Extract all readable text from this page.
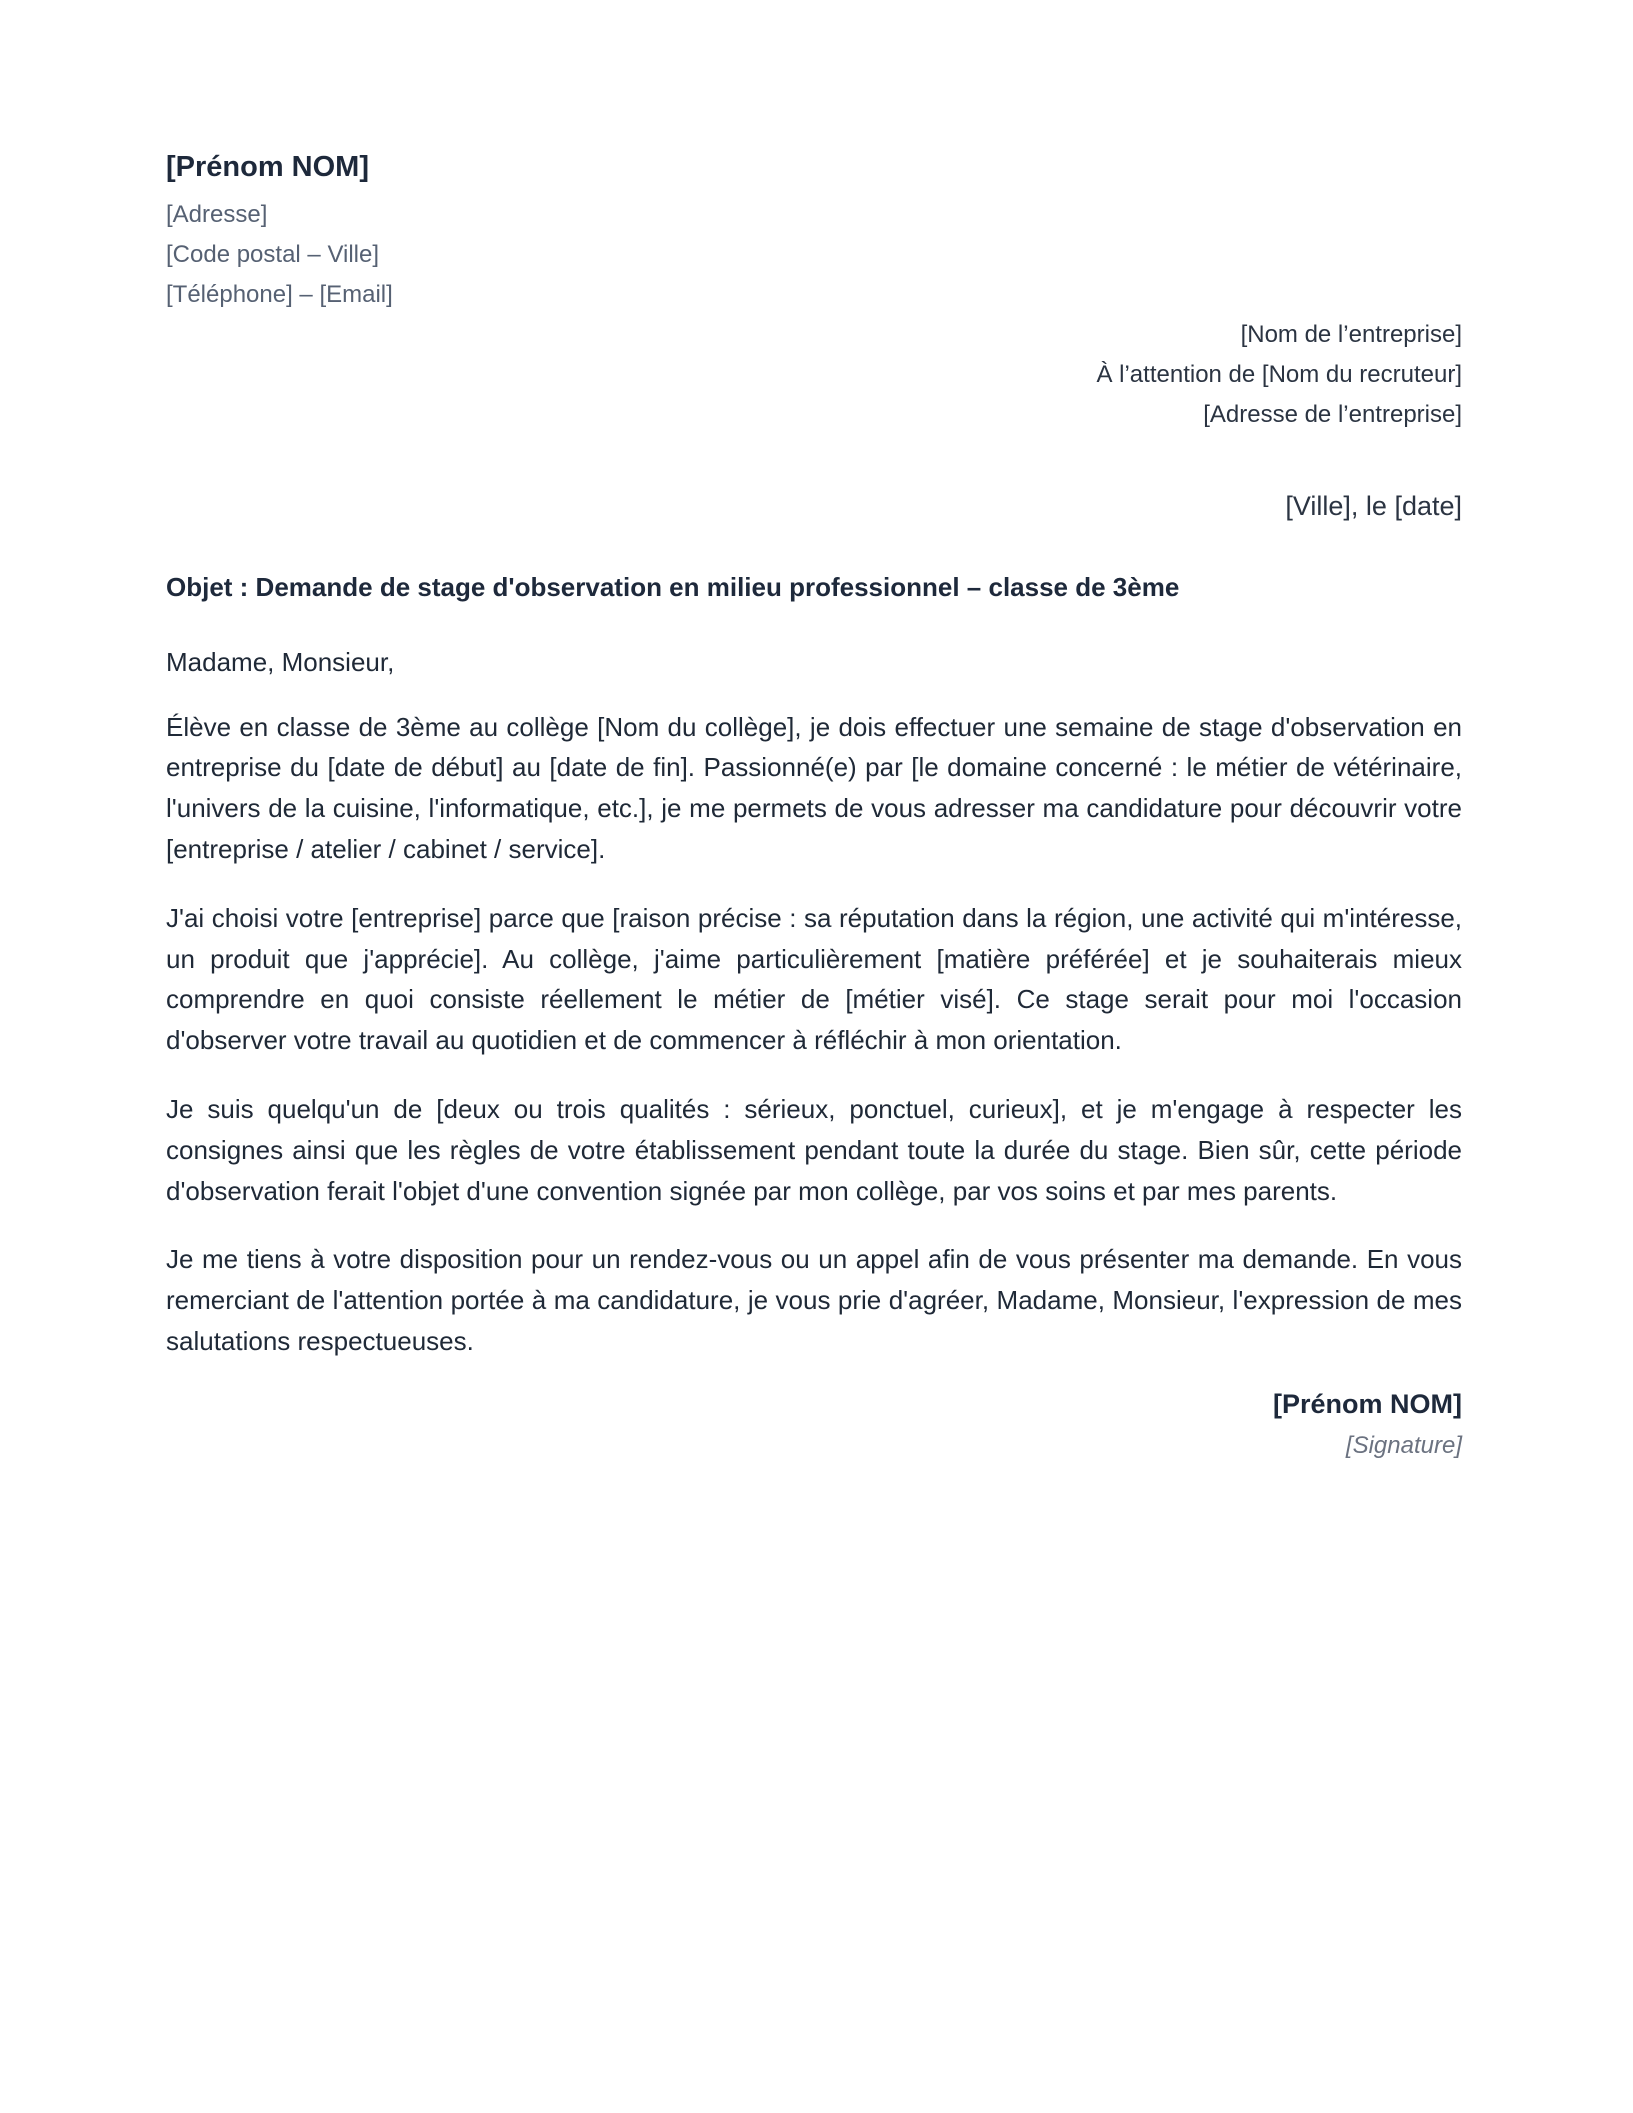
[Prénom NOM]
[Adresse]
[Code postal – Ville]
[Téléphone] – [Email]
[Nom de l’entreprise]
À l’attention de [Nom du recruteur]
[Adresse de l’entreprise]
[Ville], le [date]
Objet : Demande de stage d'observation en milieu professionnel – classe de 3ème
Madame, Monsieur,

Élève en classe de 3ème au collège [Nom du collège], je dois effectuer une semaine de stage d'observation en entreprise du [date de début] au [date de fin]. Passionné(e) par [le domaine concerné : le métier de vétérinaire, l'univers de la cuisine, l'informatique, etc.], je me permets de vous adresser ma candidature pour découvrir votre [entreprise / atelier / cabinet / service].

J'ai choisi votre [entreprise] parce que [raison précise : sa réputation dans la région, une activité qui m'intéresse, un produit que j'apprécie]. Au collège, j'aime particulièrement [matière préférée] et je souhaiterais mieux comprendre en quoi consiste réellement le métier de [métier visé]. Ce stage serait pour moi l'occasion d'observer votre travail au quotidien et de commencer à réfléchir à mon orientation.

Je suis quelqu'un de [deux ou trois qualités : sérieux, ponctuel, curieux], et je m'engage à respecter les consignes ainsi que les règles de votre établissement pendant toute la durée du stage. Bien sûr, cette période d'observation ferait l'objet d'une convention signée par mon collège, par vos soins et par mes parents.

Je me tiens à votre disposition pour un rendez-vous ou un appel afin de vous présenter ma demande. En vous remerciant de l'attention portée à ma candidature, je vous prie d'agréer, Madame, Monsieur, l'expression de mes salutations respectueuses.

[Prénom NOM]
[Signature]
